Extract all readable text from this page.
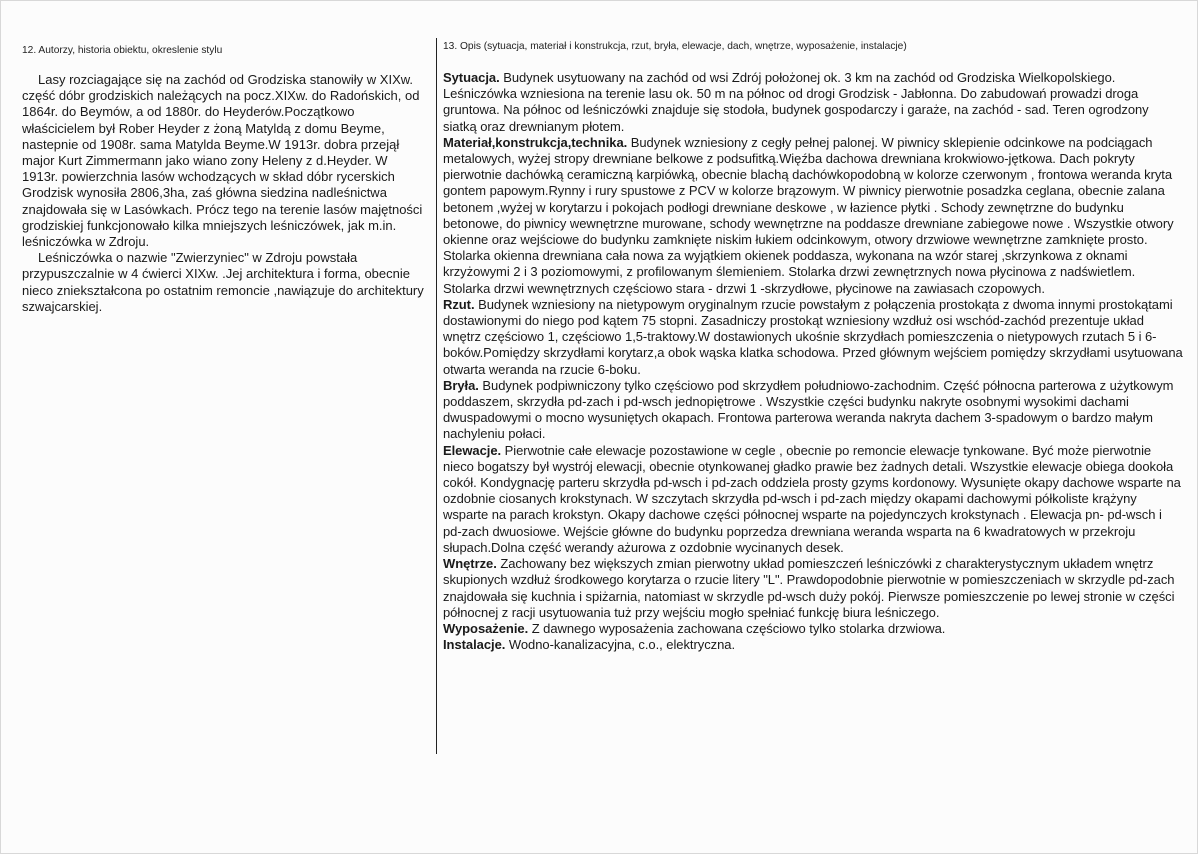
12. Autorzy, historia obiektu, okreslenie stylu

Lasy rozciagające się na zachód od Grodziska stanowiły w XIXw. część dóbr grodziskich należących na pocz.XIXw. do Radońskich, od 1864r. do Beymów, a od 1880r. do Heyderów.Początkowo właścicielem był Rober Heyder z żoną Matyldą z domu Beyme, nastepnie od 1908r. sama Matylda Beyme.W 1913r. dobra przejął major Kurt Zimmermann jako wiano zony Heleny z d.Heyder. W 1913r. powierzchnia lasów wchodzących w skład dóbr rycerskich Grodzisk wynosiła 2806,3ha, zaś główna siedzina nadleśnictwa znajdowała się w Lasówkach. Prócz tego na terenie lasów majętności grodziskiej funkcjonowało kilka mniejszych leśniczówek, jak m.in. leśniczówka w Zdroju.

Leśniczówka o nazwie "Zwierzyniec" w Zdroju powstała przypuszczalnie w 4 ćwierci XIXw. .Jej architektura i forma, obecnie nieco zniekształcona po ostatnim remoncie ,nawiązuje do architektury szwajcarskiej.

13. Opis (sytuacja, materiał i konstrukcja, rzut, bryła, elewacje, dach, wnętrze, wyposażenie, instalacje)

Sytuacja. Budynek usytuowany na zachód od wsi Zdrój położonej ok. 3 km na zachód od Grodziska Wielkopolskiego. Leśniczówka wzniesiona na terenie lasu ok. 50 m na północ od drogi Grodzisk - Jabłonna. Do zabudowań prowadzi droga gruntowa. Na północ od leśniczówki znajduje się stodoła, budynek gospodarczy i garaże, na zachód - sad. Teren ogrodzony siatką oraz drewnianym płotem.

Materiał,konstrukcja,technika. Budynek wzniesiony z cegły pełnej palonej. W piwnicy sklepienie odcinkowe na podciągach metalowych, wyżej stropy drewniane belkowe z podsufitką.Więźba dachowa drewniana krokwiowo-jętkowa. Dach pokryty pierwotnie dachówką ceramiczną karpiówką, obecnie blachą dachówkopodobną w kolorze czerwonym , frontowa weranda kryta gontem papowym.Rynny i rury spustowe z PCV w kolorze brązowym. W piwnicy pierwotnie posadzka ceglana, obecnie zalana betonem ,wyżej w korytarzu i pokojach podłogi drewniane deskowe , w łazience płytki . Schody zewnętrzne do budynku betonowe, do piwnicy wewnętrzne murowane, schody wewnętrzne na poddasze drewniane zabiegowe nowe . Wszystkie otwory okienne oraz wejściowe do budynku zamknięte niskim łukiem odcinkowym, otwory drzwiowe wewnętrzne zamknięte prosto. Stolarka okienna drewniana cała nowa za wyjątkiem okienek poddasza, wykonana na wzór starej ,skrzynkowa z oknami krzyżowymi 2 i 3 poziomowymi, z profilowanym ślemieniem. Stolarka drzwi zewnętrznych nowa płycinowa z nadświetlem. Stolarka drzwi wewnętrznych częściowo stara - drzwi 1 -skrzydłowe, płycinowe na zawiasach czopowych.

Rzut. Budynek wzniesiony na nietypowym oryginalnym rzucie powstałym z połączenia prostokąta z dwoma innymi prostokątami dostawionymi do niego pod kątem 75 stopni. Zasadniczy prostokąt wzniesiony wzdłuż osi wschód-zachód prezentuje układ wnętrz częściowo 1, częściowo 1,5-traktowy.W dostawionych ukośnie skrzydłach pomieszczenia o nietypowych rzutach 5 i 6-boków.Pomiędzy skrzydłami korytarz,a obok wąska klatka schodowa. Przed głównym wejściem pomiędzy skrzydłami usytuowana otwarta weranda na rzucie 6-boku.

Bryła. Budynek podpiwniczony tylko częściowo pod skrzydłem południowo-zachodnim. Część północna parterowa z użytkowym poddaszem, skrzydła pd-zach i pd-wsch jednopiętrowe . Wszystkie części budynku nakryte osobnymi wysokimi dachami dwuspadowymi o mocno wysuniętych okapach. Frontowa parterowa weranda nakryta dachem 3-spadowym o bardzo małym nachyleniu połaci.

Elewacje. Pierwotnie całe elewacje pozostawione w cegle , obecnie po remoncie elewacje tynkowane. Być może pierwotnie nieco bogatszy był wystrój elewacji, obecnie otynkowanej gładko prawie bez żadnych detali. Wszystkie elewacje obiega dookoła cokół. Kondygnację parteru skrzydła pd-wsch i pd-zach oddziela prosty gzyms kordonowy. Wysunięte okapy dachowe wsparte na ozdobnie ciosanych krokstynach. W szczytach skrzydła pd-wsch i pd-zach między okapami dachowymi półkoliste krążyny wsparte na parach krokstyn. Okapy dachowe części północnej wsparte na pojedynczych krokstynach . Elewacja pn- pd-wsch i pd-zach dwuosiowe. Wejście główne do budynku poprzedza drewniana weranda wsparta na 6 kwadratowych w przekroju słupach.Dolna część werandy ażurowa z ozdobnie wycinanych desek.

Wnętrze. Zachowany bez większych zmian pierwotny układ pomieszczeń leśniczówki z charakterystycznym układem wnętrz skupionych wzdłuż środkowego korytarza o rzucie litery "L". Prawdopodobnie pierwotnie w pomieszczeniach w skrzydle pd-zach znajdowała się kuchnia i spiżarnia, natomiast w skrzydle pd-wsch duży pokój. Pierwsze pomieszczenie po lewej stronie w części północnej z racji usytuowania tuż przy wejściu mogło spełniać funkcję biura leśniczego.

Wyposażenie. Z dawnego wyposażenia zachowana częściowo tylko stolarka drzwiowa.

Instalacje. Wodno-kanalizacyjna, c.o., elektryczna.
